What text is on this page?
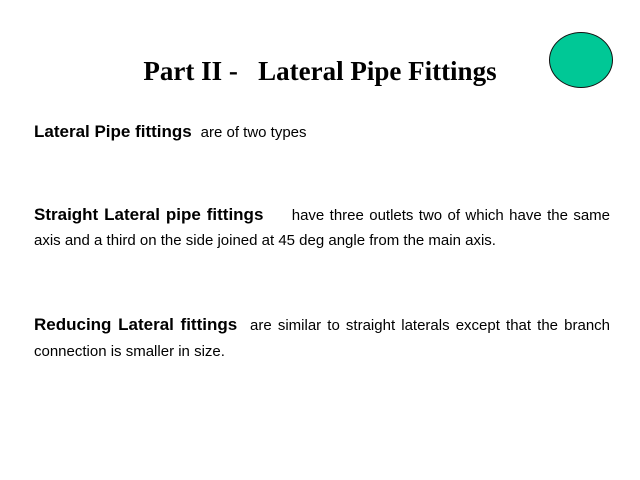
Part II -   Lateral Pipe Fittings

Lateral Pipe fittings are of two types

Straight Lateral pipe fittings have three outlets two of which have the same axis and a third on the side joined at 45 deg angle from the main axis.

Reducing Lateral fittings are similar to straight laterals except that the branch connection is smaller in size.
